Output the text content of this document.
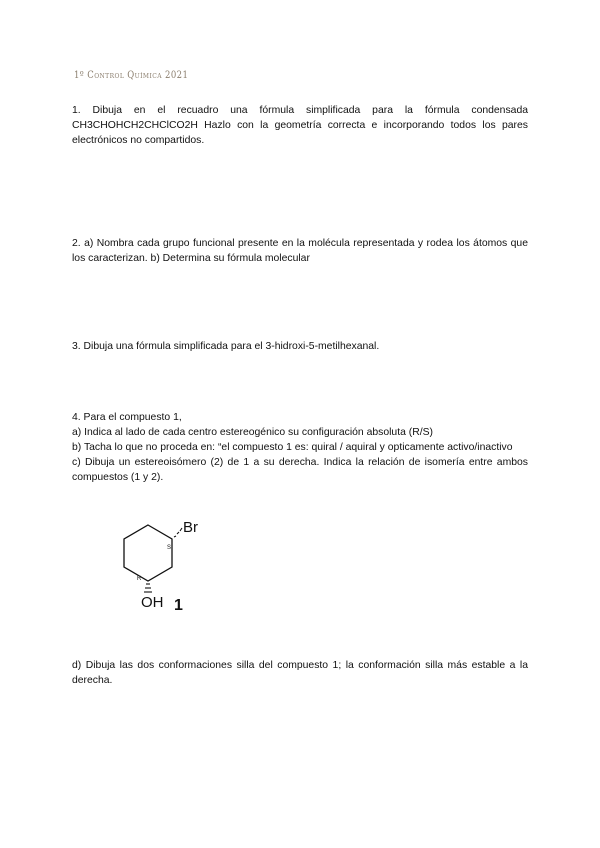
1º Control Química 2021

1. Dibuja en el recuadro una fórmula simplificada para la fórmula condensada CH3CHOHCH2CHClCO2H Hazlo con la geometría correcta e incorporando todos los pares electrónicos no compartidos.

2. a) Nombra cada grupo funcional presente en la molécula representada y rodea los átomos que los caracterizan. b) Determina su fórmula molecular

3. Dibuja una fórmula simplificada para el 3-hidroxi-5-metilhexanal.

4. Para el compuesto 1,
a) Indica al lado de cada centro estereogénico su configuración absoluta (R/S)
b) Tacha lo que no proceda en: “el compuesto 1 es: quiral / aquiral y opticamente activo/inactivo
c) Dibuja un estereoisómero (2) de 1 a su derecha. Indica la relación de isomería entre ambos compuestos (1 y 2).
Br
S
R
OH 1

d) Dibuja las dos conformaciones silla del compuesto 1; la conformación silla más estable a la derecha.
